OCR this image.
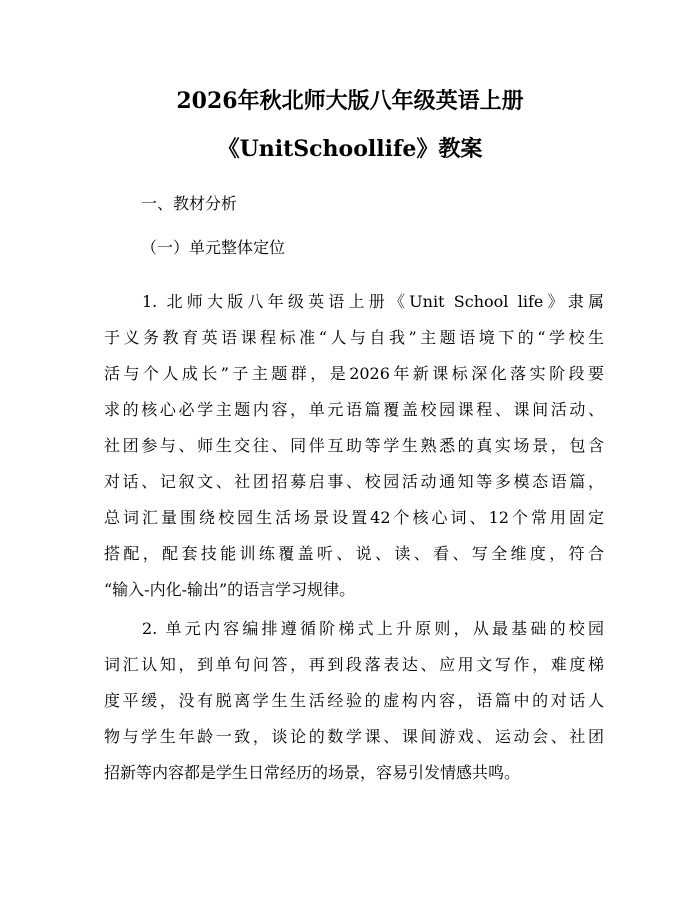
2026年秋北师大版八年级英语上册
《UnitSchoollife》教案
一、教材分析
（一）单元整体定位
1. 北师大版八年级英语上册《Unit School life》隶属
于义务教育英语课程标准“人与自我”主题语境下的“学校生
活与个人成长”子主题群，是2026年新课标深化落实阶段要
求的核心必学主题内容，单元语篇覆盖校园课程、课间活动、
社团参与、师生交往、同伴互助等学生熟悉的真实场景，包含
对话、记叙文、社团招募启事、校园活动通知等多模态语篇，
总词汇量围绕校园生活场景设置42个核心词、12个常用固定
搭配，配套技能训练覆盖听、说、读、看、写全维度，符合
“输入-内化-输出”的语言学习规律。
2. 单元内容编排遵循阶梯式上升原则，从最基础的校园
词汇认知，到单句问答，再到段落表达、应用文写作，难度梯
度平缓，没有脱离学生生活经验的虚构内容，语篇中的对话人
物与学生年龄一致，谈论的数学课、课间游戏、运动会、社团
招新等内容都是学生日常经历的场景，容易引发情感共鸣。
